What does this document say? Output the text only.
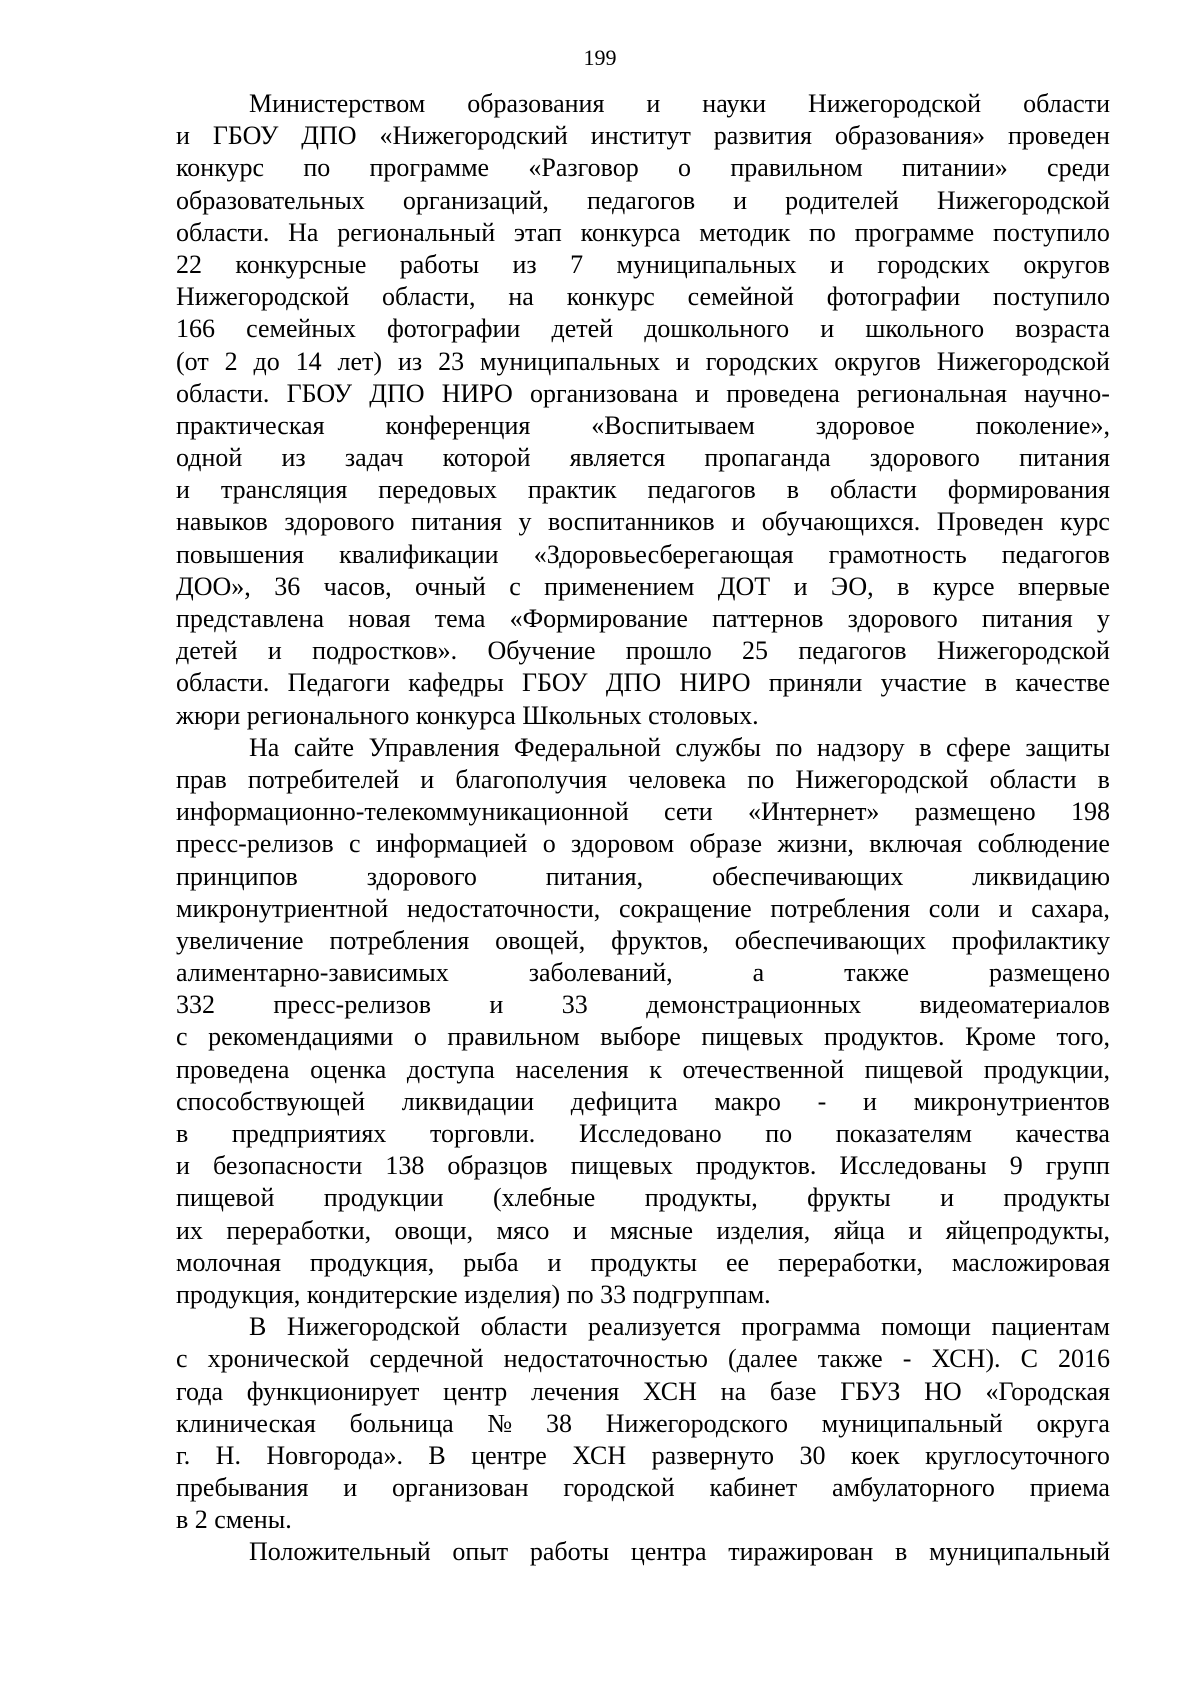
199
Министерством образования и науки Нижегородской области
и ГБОУ ДПО «Нижегородский институт развития образования» проведен
конкурс по программе «Разговор о правильном питании» среди
образовательных организаций, педагогов и родителей Нижегородской
области. На региональный этап конкурса методик по программе поступило
22 конкурсные работы из 7 муниципальных и городских округов
Нижегородской области, на конкурс семейной фотографии поступило
166 семейных фотографии детей дошкольного и школьного возраста
(от 2 до 14 лет) из 23 муниципальных и городских округов Нижегородской
области. ГБОУ ДПО НИРО организована и проведена региональная научно-
практическая конференция «Воспитываем здоровое поколение»,
одной из задач которой является пропаганда здорового питания
и трансляция передовых практик педагогов в области формирования
навыков здорового питания у воспитанников и обучающихся. Проведен курс
повышения квалификации «Здоровьесберегающая грамотность педагогов
ДОО», 36 часов, очный с применением ДОТ и ЭО, в курсе впервые
представлена новая тема «Формирование паттернов здорового питания у
детей и подростков». Обучение прошло 25 педагогов Нижегородской
области. Педагоги кафедры ГБОУ ДПО НИРО приняли участие в качестве
жюри регионального конкурса Школьных столовых.
На сайте Управления Федеральной службы по надзору в сфере защиты
прав потребителей и благополучия человека по Нижегородской области в
информационно-телекоммуникационной сети «Интернет» размещено 198
пресс-релизов с информацией о здоровом образе жизни, включая соблюдение
принципов	здорового	питания,	обеспечивающих	ликвидацию
микронутриентной недостаточности, сокращение потребления соли и сахара,
увеличение потребления овощей, фруктов, обеспечивающих профилактику
алиментарно-зависимых	заболеваний,	а	также	размещено
332 пресс-релизов и 33 демонстрационных видеоматериалов
с рекомендациями о правильном выборе пищевых продуктов. Кроме того,
проведена оценка доступа населения к отечественной пищевой продукции,
способствующей ликвидации дефицита макро - и микронутриентов
в предприятиях торговли. Исследовано по показателям качества
и безопасности 138 образцов пищевых продуктов. Исследованы 9 групп
пищевой продукции (хлебные продукты, фрукты и продукты
их переработки, овощи, мясо и мясные изделия, яйца и яйцепродукты,
молочная продукция, рыба и продукты ее переработки, масложировая
продукция, кондитерские изделия) по 33 подгруппам.
В Нижегородской области реализуется программа помощи пациентам
с хронической сердечной недостаточностью (далее также - ХСН). С 2016
года функционирует центр лечения ХСН на базе ГБУЗ НО «Городская
клиническая больница № 38 Нижегородского муниципальный округа
г. Н. Новгорода». В центре ХСН развернуто 30 коек круглосуточного
пребывания и организован городской кабинет амбулаторного приема
в 2 смены.
Положительный опыт работы центра тиражирован в муниципальный
